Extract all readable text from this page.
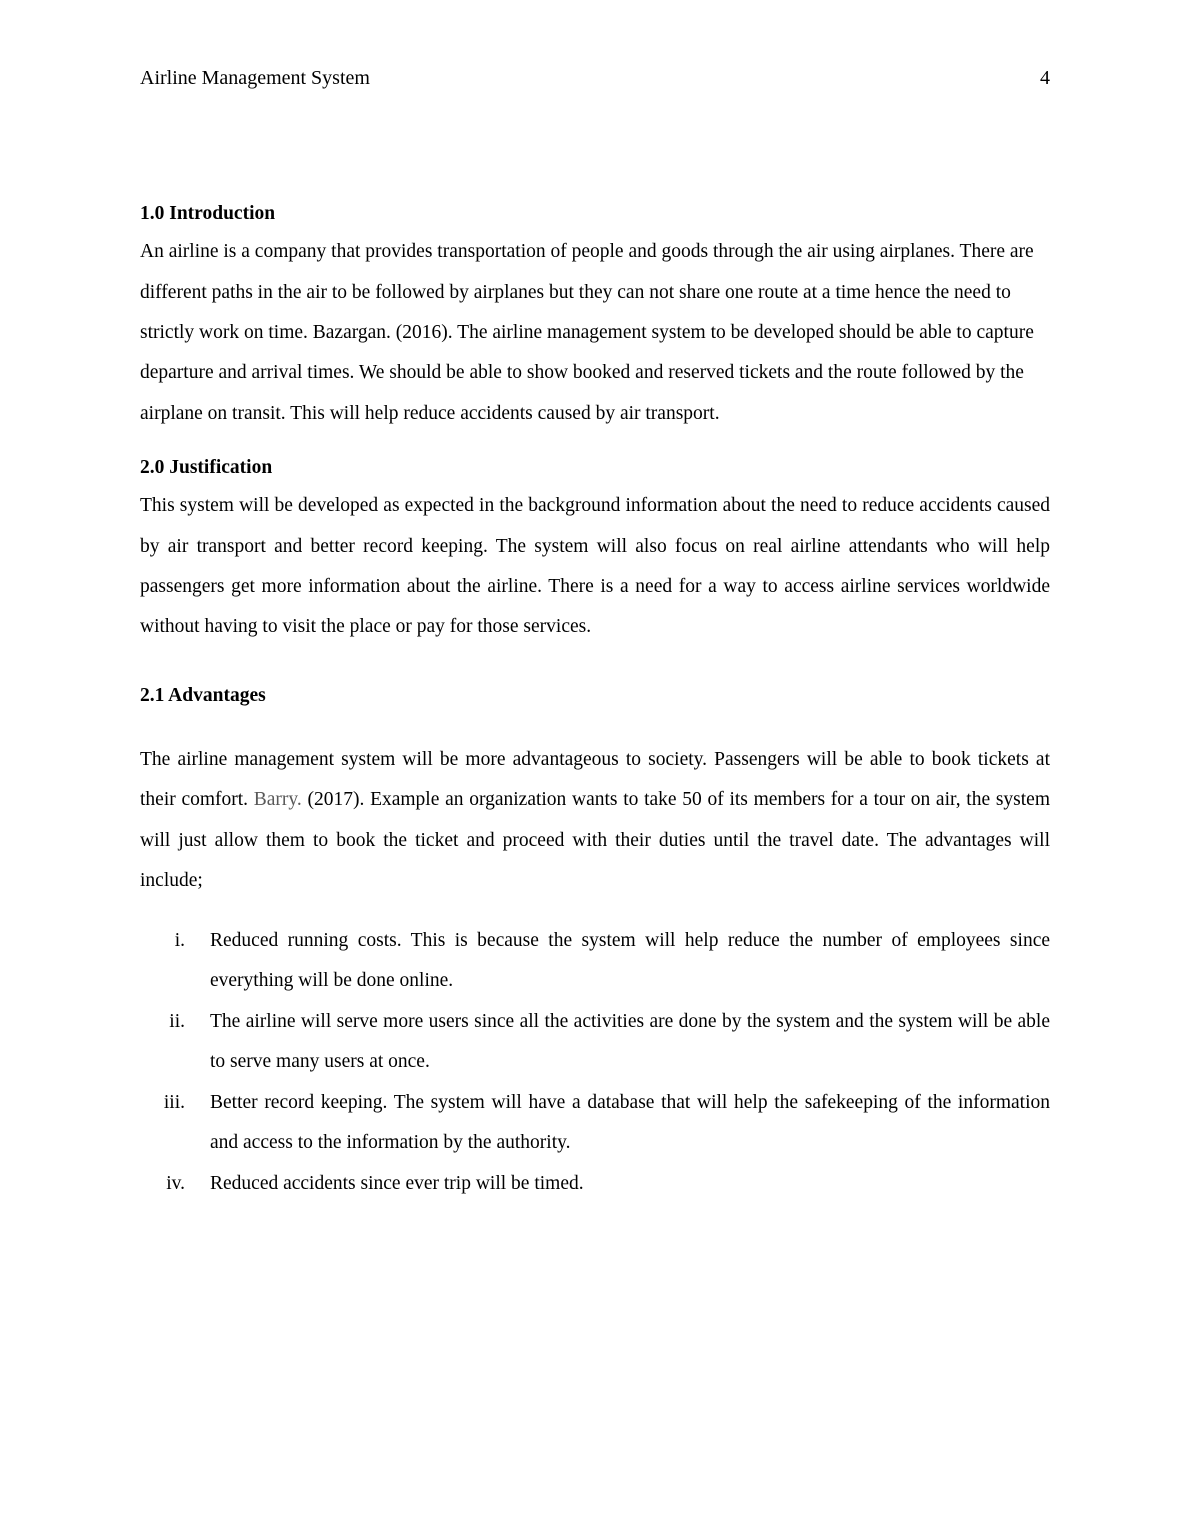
Airline Management System	4
1.0 Introduction

An airline is a company that provides transportation of people and goods through the air using airplanes. There are different paths in the air to be followed by airplanes but they can not share one route at a time hence the need to strictly work on time. Bazargan. (2016). The airline management system to be developed should be able to capture departure and arrival times. We should be able to show booked and reserved tickets and the route followed by the airplane on transit. This will help reduce accidents caused by air transport.

2.0 Justification

This system will be developed as expected in the background information about the need to reduce accidents caused by air transport and better record keeping. The system will also focus on real airline attendants who will help passengers get more information about the airline. There is a need for a way to access airline services worldwide without having to visit the place or pay for those services.

2.1 Advantages

The airline management system will be more advantageous to society. Passengers will be able to book tickets at their comfort. Barry. (2017). Example an organization wants to take 50 of its members for a tour on air, the system will just allow them to book the ticket and proceed with their duties until the travel date. The advantages will include;

i. Reduced running costs. This is because the system will help reduce the number of employees since everything will be done online.
ii. The airline will serve more users since all the activities are done by the system and the system will be able to serve many users at once.
iii. Better record keeping. The system will have a database that will help the safekeeping of the information and access to the information by the authority.
iv. Reduced accidents since ever trip will be timed.
